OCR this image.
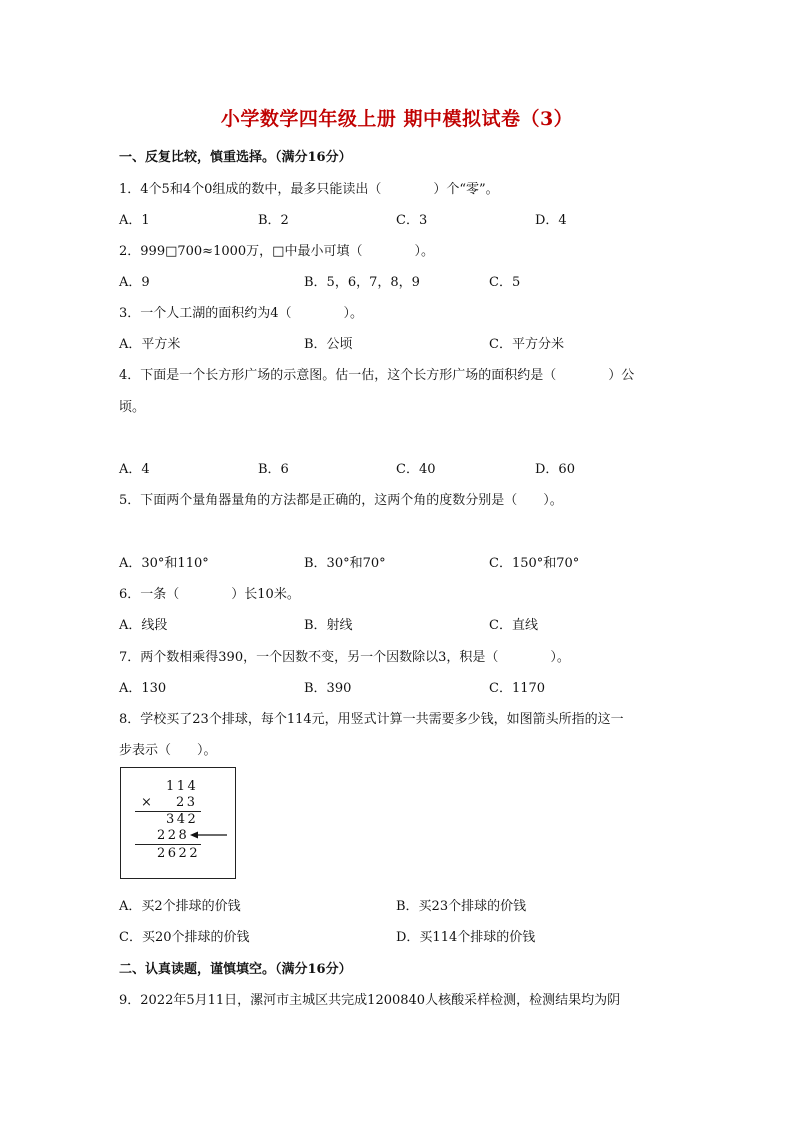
小学数学四年级上册 期中模拟试卷（3）
一、反复比较，慎重选择。（满分16分）
1．4个5和4个0组成的数中，最多只能读出（　　　　）个“零”。
A．1	B．2	C．3	D．4
2．999□700≈1000万，□中最小可填（　　　　）。
A．9	B．5，6，7，8，9	C．5
3．一个人工湖的面积约为4（　　　　）。
A．平方米	B．公顷	C．平方分米
4．下面是一个长方形广场的示意图。估一估，这个长方形广场的面积约是（　　　　）公
顷。
A．4	B．6	C．40	D．60
5．下面两个量角器量角的方法都是正确的，这两个角的度数分别是（　　）。
A．30°和110°	B．30°和70°	C．150°和70°
6．一条（　　　　）长10米。
A．线段	B．射线	C．直线
7．两个数相乘得390，一个因数不变，另一个因数除以3，积是（　　　　）。
A．130	B．390	C．1170
8．学校买了23个排球，每个114元，用竖式计算一共需要多少钱，如图箭头所指的这一
步表示（　　）。
114
× 23
342
228
2622
A．买2个排球的价钱	B．买23个排球的价钱
C．买20个排球的价钱	D．买114个排球的价钱
二、认真读题，谨慎填空。（满分16分）
9．2022年5月11日，漯河市主城区共完成1200840人核酸采样检测，检测结果均为阴
